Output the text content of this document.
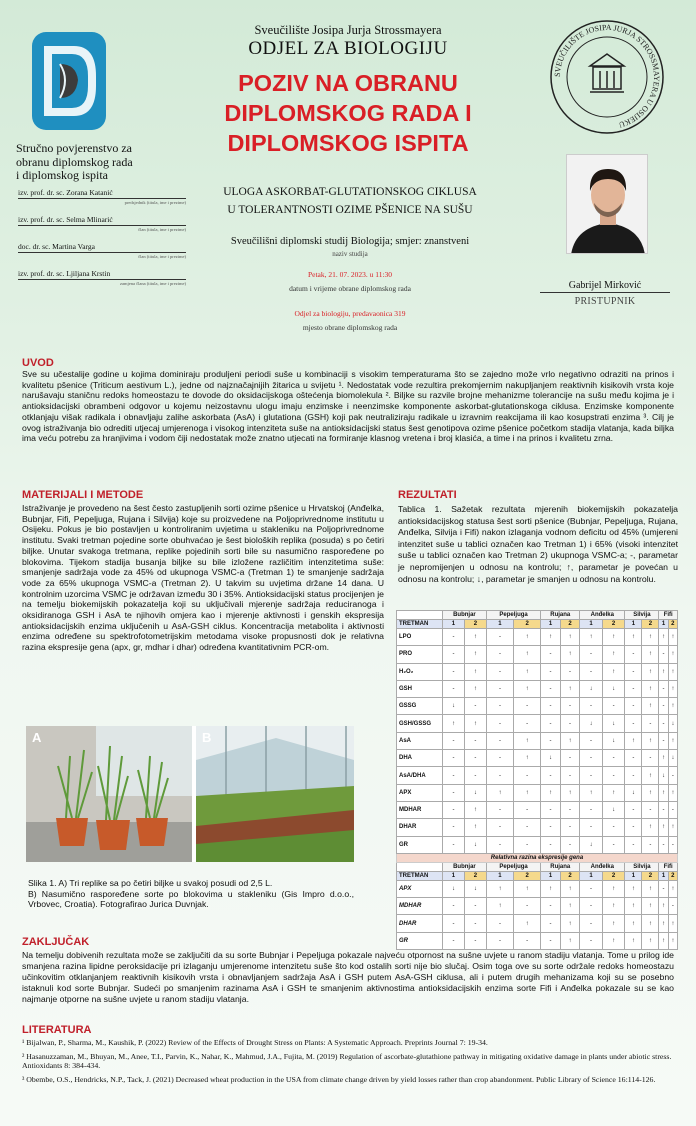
Sveučilište Josipa Jurja Strossmayera
ODJEL ZA BIOLOGIJU
POZIV NA OBRANU
DIPLOMSKOG RADA I
DIPLOMSKOG ISPITA
SVEUČILIŠTE JOSIPA JURJA STROSSMAYERA U OSIJEKU
Stručno povjerenstvo za
obranu diplomskog rada
i diplomskog ispita
izv. prof. dr. sc. Zorana Katanić
predsjednik (titula, ime i prezime)
izv. prof. dr. sc. Selma Mlinarić
član (titula, ime i prezime)
doc. dr. sc. Martina Varga
član (titula, ime i prezime)
izv. prof. dr. sc. Ljiljana Krstin
zamjena člana (titula, ime i prezime)
ULOGA ASKORBAT-GLUTATIONSKOG CIKLUSA
U TOLERANTNOSTI OZIME PŠENICE NA SUŠU
Sveučilišni diplomski studij Biologija; smjer: znanstveni
naziv studija
Petak, 21. 07. 2023. u 11:30
datum i vrijeme obrane diplomskog rada
Odjel za biologiju, predavaonica 319
mjesto obrane diplomskog rada
Gabrijel Mirković
PRISTUPNIK
UVOD
Sve su učestalije godine u kojima dominiraju produljeni periodi suše u kombinaciji s visokim temperaturama što se zajedno može vrlo negativno odraziti na prinos i kvalitetu pšenice (Triticum aestivum L.), jedne od najznačajnijih žitarica u svijetu ¹. Nedostatak vode rezultira prekomjernim nakupljanjem reaktivnih kisikovih vrsta koje narušavaju staničnu redoks homeostazu te dovode do oksidacijskoga oštećenja biomolekula ². Biljke su razvile brojne mehanizme tolerancije na sušu među kojima je i antioksidacijski obrambeni odgovor u kojemu neizostavnu ulogu imaju enzimske i neenzimske komponente askorbat-glutationskoga ciklusa. Enzimske komponente otklanjaju višak radikala i obnavljaju zalihe askorbata (AsA) i glutationa (GSH) koji pak neutraliziraju radikale u izravnim reakcijama ili kao kosupstrati enzima ³. Cilj je ovog istraživanja bio odrediti utjecaj umjerenoga i visokog intenziteta suše na antioksidacijski status šest genotipova ozime pšenice početkom stadija vlatanja, kada biljka ima veću potrebu za hranjivima i vodom čiji nedostatak može znatno utjecati na formiranje klasnog vretena i broj klasića, a time i na prinos i kvalitetu zrna.
MATERIJALI I METODE
Istraživanje je provedeno na šest često zastupljenih sorti ozime pšenice u Hrvatskoj (Anđelka, Bubnjar, Fifi, Pepeljuga, Rujana i Silvija) koje su proizvedene na Poljoprivrednome institutu u Osijeku. Pokus je bio postavljen u kontroliranim uvjetima u stakleniku na Poljoprivrednome institutu. Svaki tretman pojedine sorte obuhvaćao je šest bioloških replika (posuda) s po četiri biljke. Unutar svakoga tretmana, replike pojedinih sorti bile su nasumično raspoređene po blokovima. Tijekom stadija busanja biljke su bile izložene različitim intenzitetima suše: smanjenje sadržaja vode za 45% od ukupnoga VSMC-a (Tretman 1) te smanjenje sadržaja vode za 65% ukupnoga VSMC-a (Tretman 2). U takvim su uvjetima držane 14 dana. U kontrolnim uzorcima VSMC je održavan između 30 i 35%. Antioksidacijski status procijenjen je na temelju biokemijskih pokazatelja koji su uključivali mjerenje sadržaja reduciranoga i oksidiranoga GSH i AsA te njihovih omjera kao i mjerenje aktivnosti i genskih ekspresija antioksidacijskih enzima uključenih u AsA-GSH ciklus. Koncentracija metabolita i aktivnosti enzima određene su spektrofotometrijskim metodama visoke propusnosti dok je relativna razina ekspresije gena (apx, gr, mdhar i dhar) određena kvantitativnim PCR-om.
A	B
Slika 1. A) Tri replike sa po četiri biljke u svakoj posudi od 2,5 L.
B) Nasumično raspoređene sorte po blokovima u stakleniku (Gis Impro d.o.o., Vrbovec, Croatia). Fotografirao Jurica Duvnjak.
REZULTATI
Tablica 1. Sažetak rezultata mjerenih biokemijskih pokazatelja antioksidacijskog statusa šest sorti pšenice (Bubnjar, Pepeljuga, Rujana, Anđelka, Silvija i Fifi) nakon izlaganja vodnom deficitu od 45% (umjereni intenzitet suše u tablici označen kao Tretman 1) i 65% (visoki intenzitet suše u tablici označen kao Tretman 2) ukupnoga VSMC-a; -, parametar je nepromijenjen u odnosu na kontrolu; ↑, parametar je povećan u odnosu na kontrolu; ↓, parametar je smanjen u odnosu na kontrolu.
	Bubnjar		Pepeljuga		Rujana		Anđelka		Silvija		Fifi	
TRETMAN	1	2	1	2	1	2	1	2	1	2	1	2
LPO	-	↑	-	↑	↑	↑	↑	↑	↑	↑	↑	↑
PRO	-	↑	-	↑	-	↑	-	↑	-	↑	-	↑
H₂O₂	-	↑	-	↑	-	-	-	↑	-	↑	↑	↑
GSH	-	↑	-	↑	-	↑	↓	↓	-	↑	-	↑
GSSG	↓	-	-	-	-	-	-	-	-	↑	-	↑
GSH/GSSG	↑	↑	-	-	-	-	↓	↓	-	-	-	↓
AsA	-	-	-	↑	-	↑	-	↓	↑	↑	-	↑
DHA	-	-	-	↑	↓	-	-	-	-	-	↑	↓
AsA/DHA	-	-	-	-	-	-	-	-	-	↑	↓	-
APX	-	↓	↑	↑	↑	↑	↑	↑	↓	↑	↑	↑
MDHAR	-	↑	-	-	-	-	-	↓	-	-	-	-
DHAR	-	↑	-	-	-	-	-	-	-	↑	↑	↑
GR	-	↓	-	-	-	-	↓	-	-	-	-	-
Relativna razina ekspresije gena												
	Bubnjar		Pepeljuga		Rujana		Anđelka		Silvija		Fifi	
TRETMAN	1	2	1	2	1	2	1	2	1	2	1	2
APX	↓	↓	↑	↑	↑	↑	-	↑	↑	↑	-	↑
MDHAR	-	-	↑	-	-	↑	-	↑	↑	↑	↑	-
DHAR	-	-	-	↑	-	↑	-	↑	↑	↑	↑	↑
GR	-	-	-	-	-	↑	-	↑	↑	↑	↑	↑
ZAKLJUČAK
Na temelju dobivenih rezultata može se zaključiti da su sorte Bubnjar i Pepeljuga pokazale najveću otpornost na sušne uvjete u ranom stadiju vlatanja. Tome u prilog ide smanjena razina lipidne peroksidacije pri izlaganju umjerenome intenzitetu suše što kod ostalih sorti nije bio slučaj. Osim toga ove su sorte održale redoks homeostazu učinkovitim otklanjanjem reaktivnih kisikovih vrsta i obnavljanjem sadržaja AsA i GSH putem AsA-GSH ciklusa, ali i putem drugih mehanizama koji su se posebno istaknuli kod sorte Bubnjar. Sudeći po smanjenim razinama AsA i GSH te smanjenim aktivnostima antioksidacijskih enzima sorte Fifi i Anđelka pokazale su se kao najmanje otporne na sušne uvjete u ranom stadiju vlatanja.
LITERATURA

¹ Bijalwan, P., Sharma, M., Kaushik, P. (2022) Review of the Effects of Drought Stress on Plants: A Systematic Approach. Preprints Journal 7: 19-34.

² Hasanuzzaman, M., Bhuyan, M., Anee, T.I., Parvin, K., Nahar, K., Mahmud, J.A., Fujita, M. (2019) Regulation of ascorbate-glutathione pathway in mitigating oxidative damage in plants under abiotic stress. Antioxidants 8: 384-434.

³ Obembe, O.S., Hendricks, N.P., Tack, J. (2021) Decreased wheat production in the USA from climate change driven by yield losses rather than crop abandonment. Public Library of Science 16:114-126.
